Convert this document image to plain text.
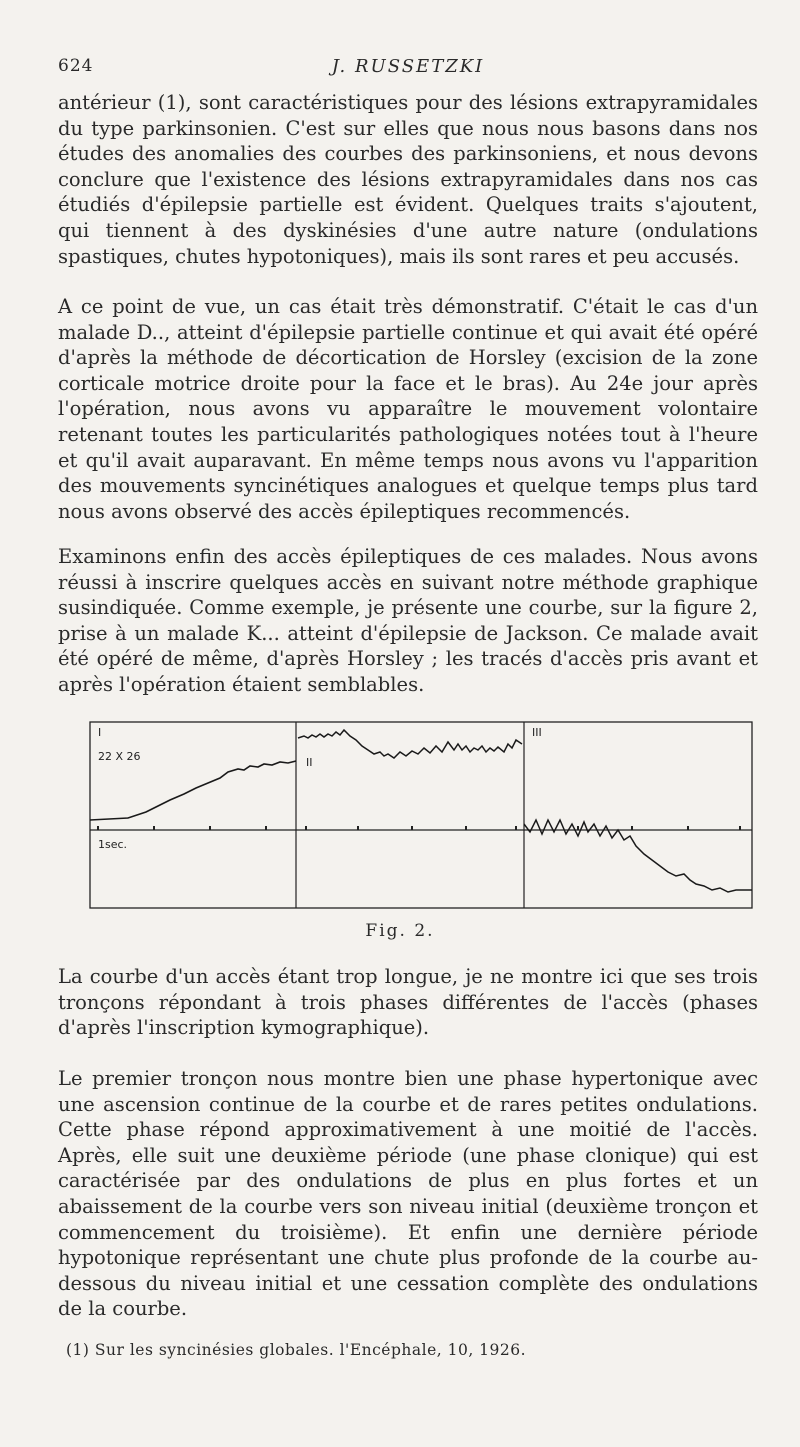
624	J. RUSSETZKI

antérieur (1), sont caractéristiques pour des lésions extrapyramidales du type parkinsonien. C'est sur elles que nous nous basons dans nos études des anomalies des courbes des parkinsoniens, et nous devons conclure que l'existence des lésions extrapyramidales dans nos cas étudiés d'épilepsie partielle est évident. Quelques traits s'ajoutent, qui tiennent à des dyskinésies d'une autre nature (ondulations spastiques, chutes hypotoniques), mais ils sont rares et peu accusés.

A ce point de vue, un cas était très démonstratif. C'était le cas d'un malade D.., atteint d'épilepsie partielle continue et qui avait été opéré d'après la méthode de décortication de Horsley (excision de la zone corticale motrice droite pour la face et le bras). Au 24e jour après l'opération, nous avons vu apparaître le mouvement volontaire retenant toutes les particularités pathologiques notées tout à l'heure et qu'il avait auparavant. En même temps nous avons vu l'apparition des mouvements syncinétiques analogues et quelque temps plus tard nous avons observé des accès épileptiques recommencés.

Examinons enfin des accès épileptiques de ces malades. Nous avons réussi à inscrire quelques accès en suivant notre méthode graphique susindiquée. Comme exemple, je présente une courbe, sur la figure 2, prise à un malade K... atteint d'épilepsie de Jackson. Ce malade avait été opéré de même, d'après Horsley ; les tracés d'accès pris avant et après l'opération étaient semblables.

I
22 X 26	II
III
1sec.
Fig. 2.

La courbe d'un accès étant trop longue, je ne montre ici que ses trois tronçons répondant à trois phases différentes de l'accès (phases d'après l'inscription kymographique).

Le premier tronçon nous montre bien une phase hypertonique avec une ascension continue de la courbe et de rares petites ondulations. Cette phase répond approximativement à une moitié de l'accès. Après, elle suit une deuxième période (une phase clonique) qui est caractérisée par des ondulations de plus en plus fortes et un abaissement de la courbe vers son niveau initial (deuxième tronçon et commencement du troisième). Et enfin une dernière période hypotonique représentant une chute plus profonde de la courbe au-dessous du niveau initial et une cessation complète des ondulations de la courbe.

(1) Sur les syncinésies globales. l'Encéphale, 10, 1926.
